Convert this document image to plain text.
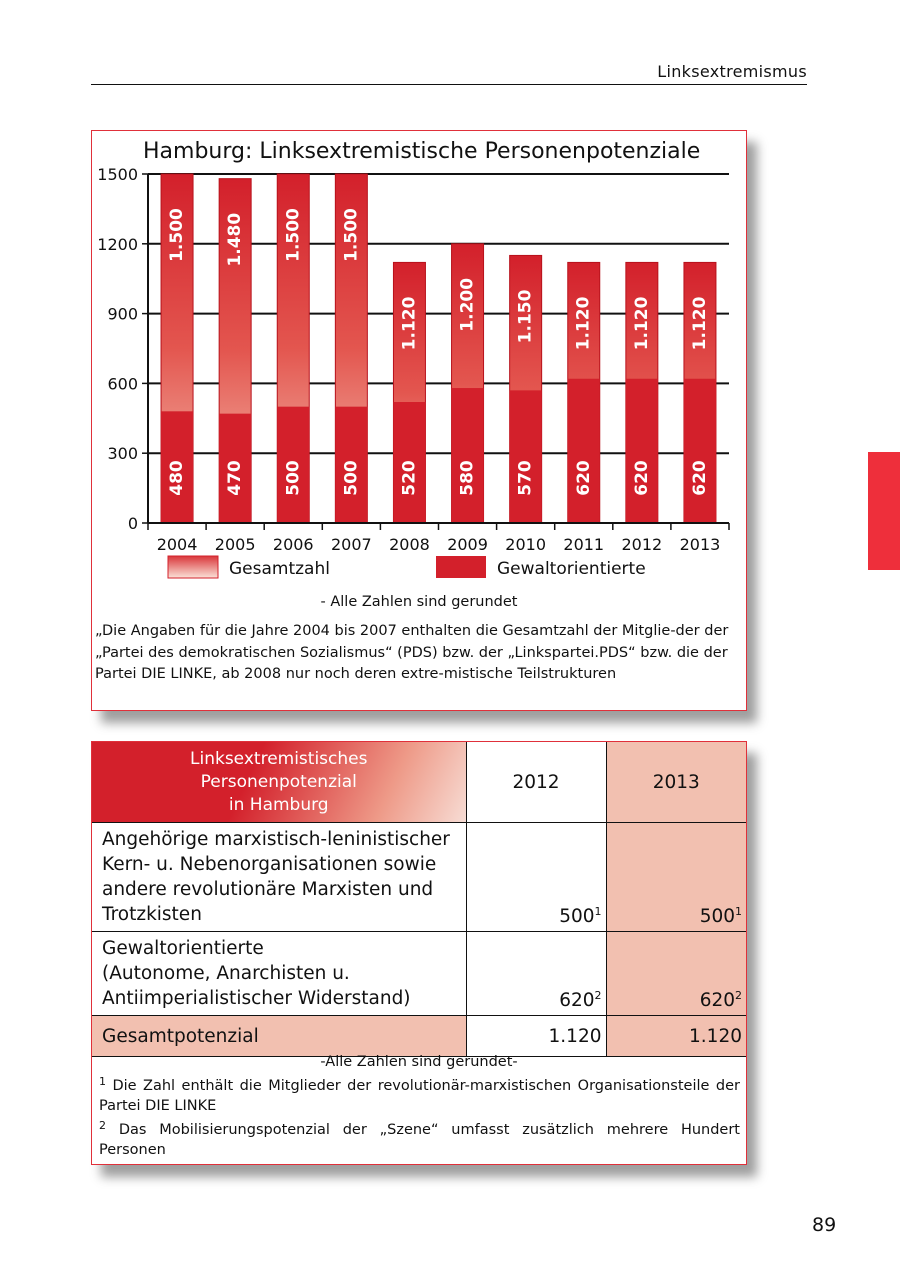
Linksextremismus
Hamburg: Linksextremistische Personenpotenziale
1.500
480
1.480
470
1.500
500
1.500
500
1.120
520
1.200
580
1.150
570
1.120
620
1.120
620
1.120
620
0
300
600
900
1200
1500
2004 2005 2006 2007 2008 2009 2010 2011 2012 2013
Gesamtzahl	Gewaltorientierte
- Alle Zahlen sind gerundet
„Die Angaben für die Jahre 2004 bis 2007 enthalten die Gesamtzahl der Mitglie-der der „Partei des demokratischen Sozialismus“ (PDS) bzw. der „Linkspartei.PDS“ bzw. die der Partei DIE LINKE, ab 2008 nur noch deren extre-mistische Teilstrukturen
Linksextremistisches
Personenpotenzial
in Hamburg	2012	2013
Angehörige marxistisch-leninistischer
Kern- u. Nebenorganisationen sowie
andere revolutionäre Marxisten und
Trotzkisten	$500^1$	$500^1$
Gewaltorientierte
(Autonome, Anarchisten u.
Antiimperialistischer Widerstand)	$620^2$	$620^2$
Gesamtpotenzial	1.120	1.120
-Alle Zahlen sind gerundet-
$^1$ Die Zahl enthält die Mitglieder der revolutionär-marxistischen Organisationsteile der Partei DIE LINKE
$^2$ Das Mobilisierungspotenzial der „Szene“ umfasst zusätzlich mehrere Hundert Personen
89
